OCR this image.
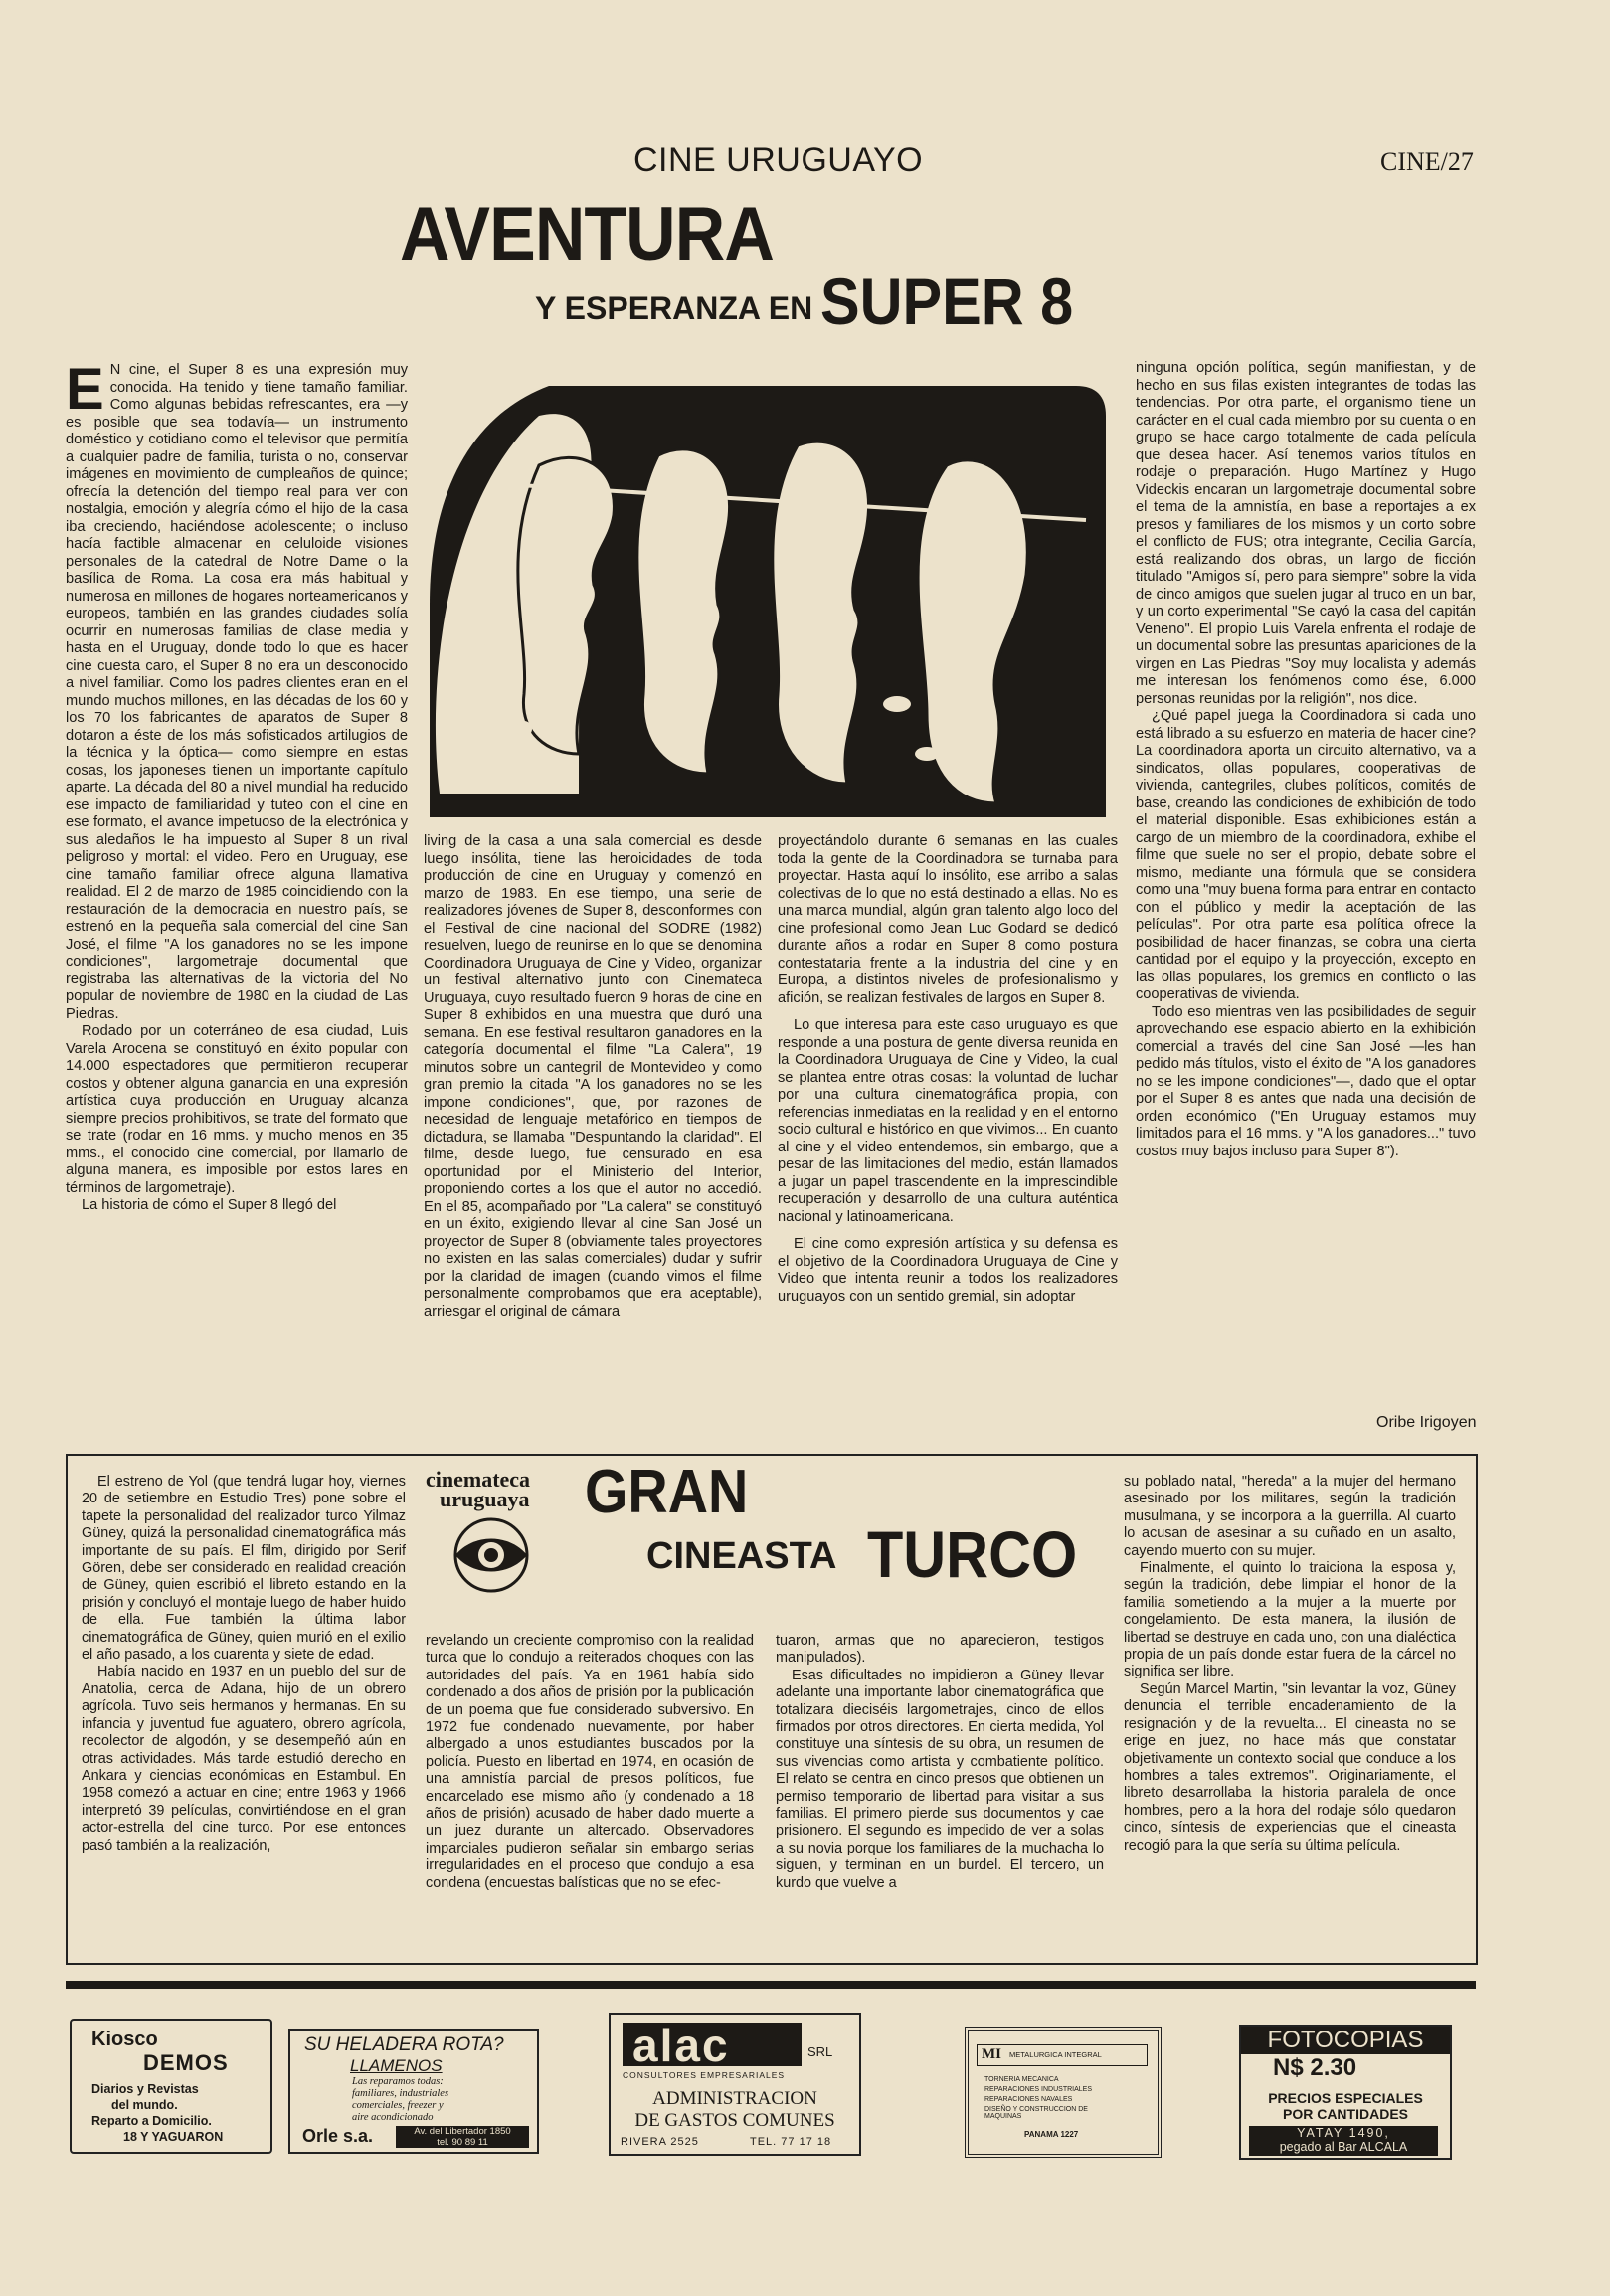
CINE URUGUAYO	CINE/27
AVENTURA
Y ESPERANZA EN SUPER 8
E N cine, el Super 8 es una expresión muy conocida. Ha tenido y tiene tamaño familiar. Como algunas bebidas refrescantes, era —y es posible que sea todavía— un instrumento doméstico y cotidiano como el televisor que permitía a cualquier padre de familia, turista o no, conservar imágenes en movimiento de cumpleaños de quince; ofrecía la detención del tiempo real para ver con nostalgia, emoción y alegría cómo el hijo de la casa iba creciendo, haciéndose adolescente; o incluso hacía factible almacenar en celuloide visiones personales de la catedral de Notre Dame o la basílica de Roma. La cosa era más habitual y numerosa en millones de hogares norteamericanos y europeos, también en las grandes ciudades solía ocurrir en numerosas familias de clase media y hasta en el Uruguay, donde todo lo que es hacer cine cuesta caro, el Super 8 no era un desconocido a nivel familiar. Como los padres clientes eran en el mundo muchos millones, en las décadas de los 60 y los 70 los fabricantes de aparatos de Super 8 dotaron a éste de los más sofisticados artilugios de la técnica y la óptica— como siempre en estas cosas, los japoneses tienen un importante capítulo aparte. La década del 80 a nivel mundial ha reducido ese impacto de familiaridad y tuteo con el cine en ese formato, el avance impetuoso de la electrónica y sus aledaños le ha impuesto al Super 8 un rival peligroso y mortal: el video. Pero en Uruguay, ese cine tamaño familiar ofrece alguna llamativa realidad. El 2 de marzo de 1985 coincidiendo con la restauración de la democracia en nuestro país, se estrenó en la pequeña sala comercial del cine San José, el filme "A los ganadores no se les impone condiciones", largometraje documental que registraba las alternativas de la victoria del No popular de noviembre de 1980 en la ciudad de Las Piedras.

Rodado por un coterráneo de esa ciudad, Luis Varela Arocena se constituyó en éxito popular con 14.000 espectadores que permitieron recuperar costos y obtener alguna ganancia en una expresión artística cuya producción en Uruguay alcanza siempre precios prohibitivos, se trate del formato que se trate (rodar en 16 mms. y mucho menos en 35 mms., el conocido cine comercial, por llamarlo de alguna manera, es imposible por estos lares en términos de largometraje).

La historia de cómo el Super 8 llegó del

living de la casa a una sala comercial es desde luego insólita, tiene las heroicidades de toda producción de cine en Uruguay y comenzó en marzo de 1983. En ese tiempo, una serie de realizadores jóvenes de Super 8, desconformes con el Festival de cine nacional del SODRE (1982) resuelven, luego de reunirse en lo que se denomina Coordinadora Uruguaya de Cine y Video, organizar un festival alternativo junto con Cinemateca Uruguaya, cuyo resultado fueron 9 horas de cine en Super 8 exhibidos en una muestra que duró una semana. En ese festival resultaron ganadores en la categoría documental el filme "La Calera", 19 minutos sobre un cantegril de Montevideo y como gran premio la citada "A los ganadores no se les impone condiciones", que, por razones de necesidad de lenguaje metafórico en tiempos de dictadura, se llamaba "Despuntando la claridad". El filme, desde luego, fue censurado en esa oportunidad por el Ministerio del Interior, proponiendo cortes a los que el autor no accedió. En el 85, acompañado por "La calera" se constituyó en un éxito, exigiendo llevar al cine San José un proyector de Super 8 (obviamente tales proyectores no existen en las salas comerciales) dudar y sufrir por la claridad de imagen (cuando vimos el filme personalmente comprobamos que era aceptable), arriesgar el original de cámara

proyectándolo durante 6 semanas en las cuales toda la gente de la Coordinadora se turnaba para proyectar. Hasta aquí lo insólito, ese arribo a salas colectivas de lo que no está destinado a ellas. No es una marca mundial, algún gran talento algo loco del cine profesional como Jean Luc Godard se dedicó durante años a rodar en Super 8 como postura contestataria frente a la industria del cine y en Europa, a distintos niveles de profesionalismo y afición, se realizan festivales de largos en Super 8.

Lo que interesa para este caso uruguayo es que responde a una postura de gente diversa reunida en la Coordinadora Uruguaya de Cine y Video, la cual se plantea entre otras cosas: la voluntad de luchar por una cultura cinematográfica propia, con referencias inmediatas en la realidad y en el entorno socio cultural e histórico en que vivimos... En cuanto al cine y el video entendemos, sin embargo, que a pesar de las limitaciones del medio, están llamados a jugar un papel trascendente en la imprescindible recuperación y desarrollo de una cultura auténtica nacional y latinoamericana.

El cine como expresión artística y su defensa es el objetivo de la Coordinadora Uruguaya de Cine y Video que intenta reunir a todos los realizadores uruguayos con un sentido gremial, sin adoptar

ninguna opción política, según manifiestan, y de hecho en sus filas existen integrantes de todas las tendencias. Por otra parte, el organismo tiene un carácter en el cual cada miembro por su cuenta o en grupo se hace cargo totalmente de cada película que desea hacer. Así tenemos varios títulos en rodaje o preparación. Hugo Martínez y Hugo Videckis encaran un largometraje documental sobre el tema de la amnistía, en base a reportajes a ex presos y familiares de los mismos y un corto sobre el conflicto de FUS; otra integrante, Cecilia García, está realizando dos obras, un largo de ficción titulado "Amigos sí, pero para siempre" sobre la vida de cinco amigos que suelen jugar al truco en un bar, y un corto experimental "Se cayó la casa del capitán Veneno". El propio Luis Varela enfrenta el rodaje de un documental sobre las presuntas apariciones de la virgen en Las Piedras "Soy muy localista y además me interesan los fenómenos como ése, 6.000 personas reunidas por la religión", nos dice.

¿Qué papel juega la Coordinadora si cada uno está librado a su esfuerzo en materia de hacer cine? La coordinadora aporta un circuito alternativo, va a sindicatos, ollas populares, cooperativas de vivienda, cantegriles, clubes políticos, comités de base, creando las condiciones de exhibición de todo el material disponible. Esas exhibiciones están a cargo de un miembro de la coordinadora, exhibe el filme que suele no ser el propio, debate sobre el mismo, mediante una fórmula que se considera como una "muy buena forma para entrar en contacto con el público y medir la aceptación de las películas". Por otra parte esa política ofrece la posibilidad de hacer finanzas, se cobra una cierta cantidad por el equipo y la proyección, excepto en las ollas populares, los gremios en conflicto o las cooperativas de vivienda.

Todo eso mientras ven las posibilidades de seguir aprovechando ese espacio abierto en la exhibición comercial a través del cine San José —les han pedido más títulos, visto el éxito de "A los ganadores no se les impone condiciones"—, dado que el optar por el Super 8 es antes que nada una decisión de orden económico ("En Uruguay estamos muy limitados para el 16 mms. y "A los ganadores..." tuvo costos muy bajos incluso para Super 8").

Oribe Irigoyen
cinemateca
uruguaya GRAN
CINEASTA TURCO

El estreno de Yol (que tendrá lugar hoy, viernes 20 de setiembre en Estudio Tres) pone sobre el tapete la personalidad del realizador turco Yilmaz Güney, quizá la personalidad cinematográfica más importante de su país. El film, dirigido por Serif Gören, debe ser considerado en realidad creación de Güney, quien escribió el libreto estando en la prisión y concluyó el montaje luego de haber huido de ella. Fue también la última labor cinematográfica de Güney, quien murió en el exilio el año pasado, a los cuarenta y siete de edad.

Había nacido en 1937 en un pueblo del sur de Anatolia, cerca de Adana, hijo de un obrero agrícola. Tuvo seis hermanos y hermanas. En su infancia y juventud fue aguatero, obrero agrícola, recolector de algodón, y se desempeñó aún en otras actividades. Más tarde estudió derecho en Ankara y ciencias económicas en Estambul. En 1958 comezó a actuar en cine; entre 1963 y 1966 interpretó 39 películas, convirtiéndose en el gran actor-estrella del cine turco. Por ese entonces pasó también a la realización,

revelando un creciente compromiso con la realidad turca que lo condujo a reiterados choques con las autoridades del país. Ya en 1961 había sido condenado a dos años de prisión por la publicación de un poema que fue considerado subversivo. En 1972 fue condenado nuevamente, por haber albergado a unos estudiantes buscados por la policía. Puesto en libertad en 1974, en ocasión de una amnistía parcial de presos políticos, fue encarcelado ese mismo año (y condenado a 18 años de prisión) acusado de haber dado muerte a un juez durante un altercado. Observadores imparciales pudieron señalar sin embargo serias irregularidades en el proceso que condujo a esa condena (encuestas balísticas que no se efec-

tuaron, armas que no aparecieron, testigos manipulados).

Esas dificultades no impidieron a Güney llevar adelante una importante labor cinematográfica que totalizara dieciséis largometrajes, cinco de ellos firmados por otros directores. En cierta medida, Yol constituye una síntesis de su obra, un resumen de sus vivencias como artista y combatiente político. El relato se centra en cinco presos que obtienen un permiso temporario de libertad para visitar a sus familias. El primero pierde sus documentos y cae prisionero. El segundo es impedido de ver a solas a su novia porque los familiares de la muchacha lo siguen, y terminan en un burdel. El tercero, un kurdo que vuelve a

su poblado natal, "hereda" a la mujer del hermano asesinado por los militares, según la tradición musulmana, y se incorpora a la guerrilla. Al cuarto lo acusan de asesinar a su cuñado en un asalto, cayendo muerto con su mujer.

Finalmente, el quinto lo traiciona la esposa y, según la tradición, debe limpiar el honor de la familia sometiendo a la mujer a la muerte por congelamiento. De esta manera, la ilusión de libertad se destruye en cada uno, con una dialéctica propia de un país donde estar fuera de la cárcel no significa ser libre.

Según Marcel Martin, "sin levantar la voz, Güney denuncia el terrible encadenamiento de la resignación y de la revuelta... El cineasta no se erige en juez, no hace más que constatar objetivamente un contexto social que conduce a los hombres a tales extremos". Originariamente, el libreto desarrollaba la historia paralela de once hombres, pero a la hora del rodaje sólo quedaron cinco, síntesis de experiencias que el cineasta recogió para la que sería su última película.

Kiosco
DEMOS
Diarios y Revistas
del mundo.
Reparto a Domicilio.
18 Y YAGUARON
SU HELADERA ROTA?
LLAMENOS
Las reparamos todas:
familiares, industriales
comerciales, freezer y
aire acondicionado
Orle s.a.	Av. del Libertador 1850
tel. 90 89 11
alac	SRL
CONSULTORES EMPRESARIALES
ADMINISTRACION
DE GASTOS COMUNES
RIVERA 2525	TEL. 77 17 18
MI METALURGICA INTEGRAL
TORNERIA MECANICA
REPARACIONES INDUSTRIALES
REPARACIONES NAVALES
DISEÑO Y CONSTRUCCION DE MAQUINAS
PANAMA 1227
FOTOCOPIAS
N$ 2.30
PRECIOS ESPECIALES
POR CANTIDADES
YATAY 1490,
pegado al Bar ALCALA
